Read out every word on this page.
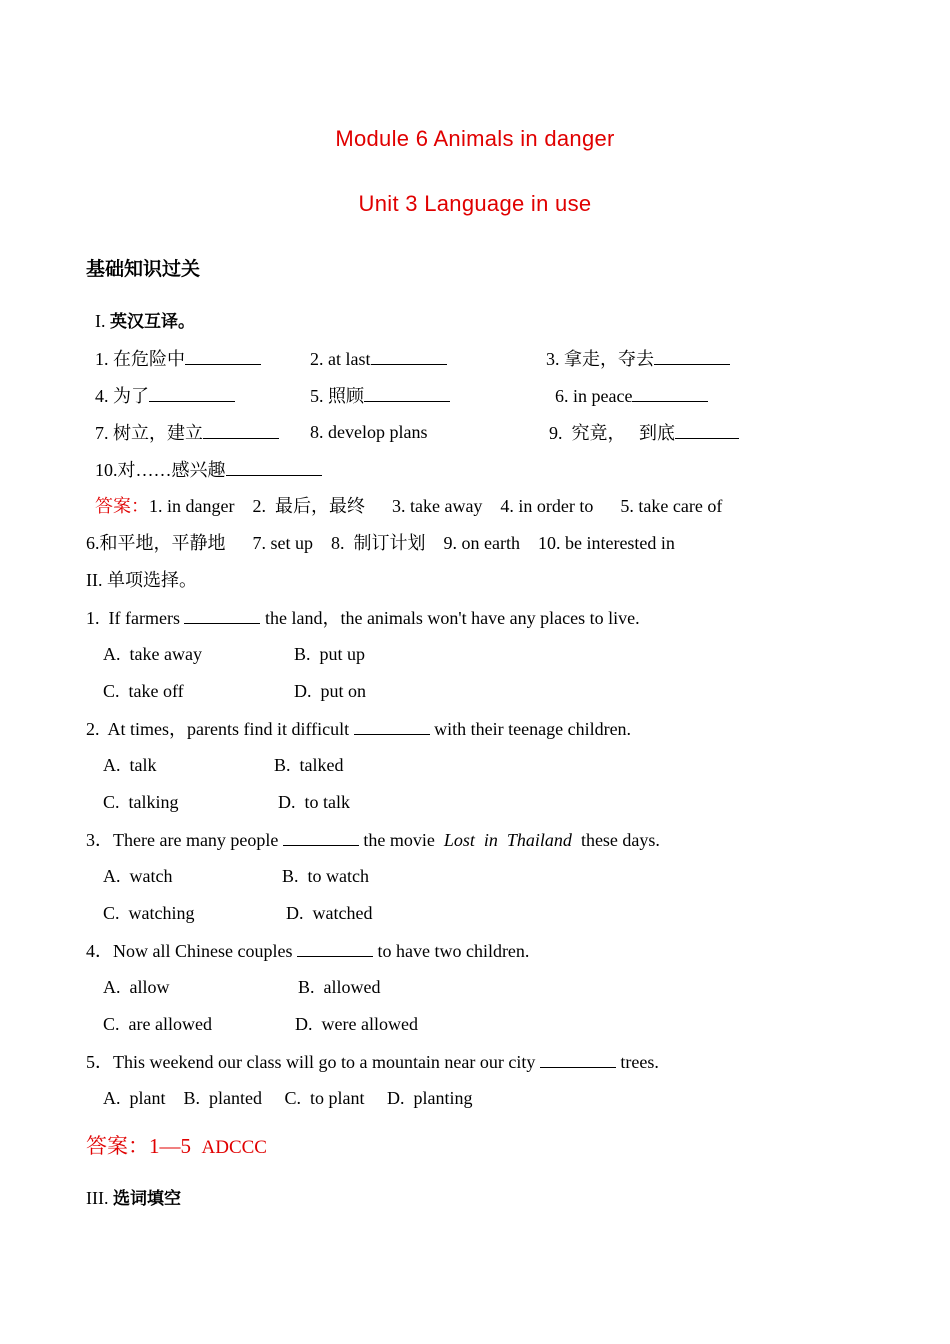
Module 6 Animals in danger
Unit 3 Language in use
基础知识过关
I. 英汉互译。
1. 在危险中	2. at last	3. 拿走，夺去
4. 为了	5. 照顾	6. in peace
7. 树立，建立	8. develop plans	9.  究竟，   到底
10.对……感兴趣
答案：1. in danger    2.  最后，最终      3. take away    4. in order to      5. take care of
6.和平地，平静地      7. set up    8.  制订计划    9. on earth    10. be interested in
II. 单项选择。
1.  If farmers	the land，the animals won't have any places to live.
A.  take away	B.  put up
C.  take off	D.  put on
2.  At times，parents find it difficult	with their teenage children.
A.  talk	B.  talked
C.  talking	D.  to talk
3．There are many people	the movie  Lost  in  Thailand  these days.
A.  watch	B.  to watch
C.  watching	D.  watched
4．Now all Chinese couples	to have two children.
A.  allow	B.  allowed
C.  are allowed	D.  were allowed
5．This weekend our class will go to a mountain near our city	trees.
A.  plant    B.  planted     C.  to plant     D.  planting
答案：1—5 ADCCC
III. 选词填空
